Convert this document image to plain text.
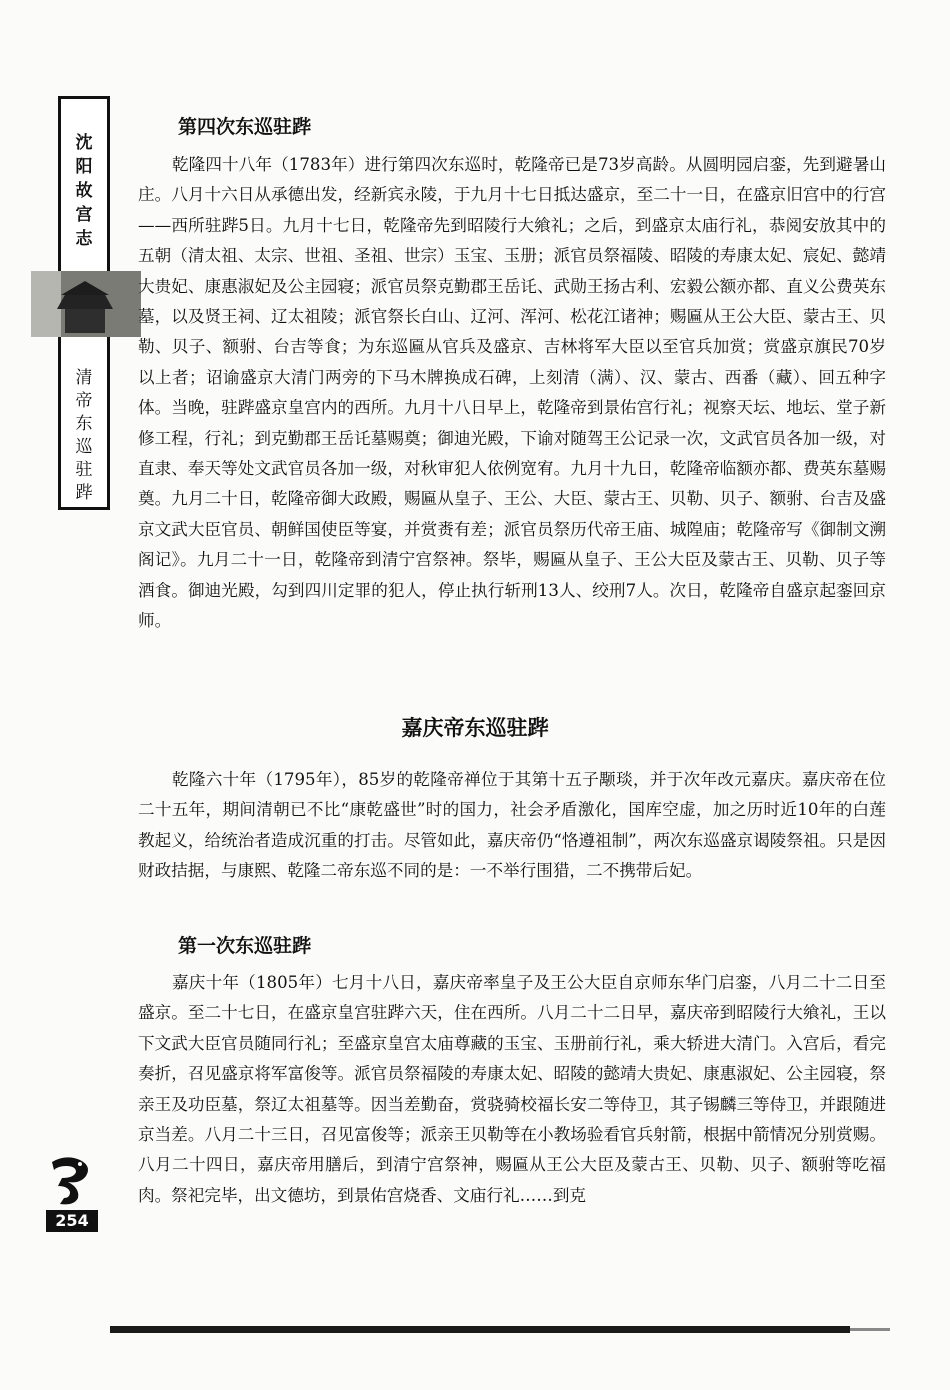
沈
阳
故
宫
志
清
帝
东
巡
驻
跸
第四次东巡驻跸

乾隆四十八年（1783年）进行第四次东巡时，乾隆帝已是73岁高龄。从圆明园启銮，先到避暑山庄。八月十六日从承德出发，经新宾永陵，于九月十七日抵达盛京，至二十一日，在盛京旧宫中的行宫——西所驻跸5日。九月十七日，乾隆帝先到昭陵行大飨礼；之后，到盛京太庙行礼，恭阅安放其中的五朝（清太祖、太宗、世祖、圣祖、世宗）玉宝、玉册；派官员祭福陵、昭陵的寿康太妃、宸妃、懿靖大贵妃、康惠淑妃及公主园寝；派官员祭克勤郡王岳讬、武勋王扬古利、宏毅公额亦都、直义公费英东墓，以及贤王祠、辽太祖陵；派官祭长白山、辽河、浑河、松花江诸神；赐匾从王公大臣、蒙古王、贝勒、贝子、额驸、台吉等食；为东巡匾从官兵及盛京、吉林将军大臣以至官兵加赏；赏盛京旗民70岁以上者；诏谕盛京大清门两旁的下马木牌换成石碑，上刻清（满）、汉、蒙古、西番（藏）、回五种字体。当晚，驻跸盛京皇宫内的西所。九月十八日早上，乾隆帝到景佑宫行礼；视察天坛、地坛、堂子新修工程，行礼；到克勤郡王岳讬墓赐奠；御迪光殿，下谕对随驾王公记录一次，文武官员各加一级，对直隶、奉天等处文武官员各加一级，对秋审犯人依例宽宥。九月十九日，乾隆帝临额亦都、费英东墓赐奠。九月二十日，乾隆帝御大政殿，赐匾从皇子、王公、大臣、蒙古王、贝勒、贝子、额驸、台吉及盛京文武大臣官员、朝鲜国使臣等宴，并赏赉有差；派官员祭历代帝王庙、城隍庙；乾隆帝写《御制文溯阁记》。九月二十一日，乾隆帝到清宁宫祭神。祭毕，赐匾从皇子、王公大臣及蒙古王、贝勒、贝子等酒食。御迪光殿，勾到四川定罪的犯人，停止执行斩刑13人、绞刑7人。次日，乾隆帝自盛京起銮回京师。

嘉庆帝东巡驻跸

乾隆六十年（1795年），85岁的乾隆帝禅位于其第十五子颙琰，并于次年改元嘉庆。嘉庆帝在位二十五年，期间清朝已不比“康乾盛世”时的国力，社会矛盾激化，国库空虚，加之历时近10年的白莲教起义，给统治者造成沉重的打击。尽管如此，嘉庆帝仍“恪遵祖制”，两次东巡盛京谒陵祭祖。只是因财政拮据，与康熙、乾隆二帝东巡不同的是：一不举行围猎，二不携带后妃。

第一次东巡驻跸

嘉庆十年（1805年）七月十八日，嘉庆帝率皇子及王公大臣自京师东华门启銮，八月二十二日至盛京。至二十七日，在盛京皇宫驻跸六天，住在西所。八月二十二日早，嘉庆帝到昭陵行大飨礼，王以下文武大臣官员随同行礼；至盛京皇宫太庙尊藏的玉宝、玉册前行礼，乘大轿进大清门。入宫后，看完奏折，召见盛京将军富俊等。派官员祭福陵的寿康太妃、昭陵的懿靖大贵妃、康惠淑妃、公主园寝，祭亲王及功臣墓，祭辽太祖墓等。因当差勤奋，赏骁骑校福长安二等侍卫，其子锡麟三等侍卫，并跟随进京当差。八月二十三日，召见富俊等；派亲王贝勒等在小教场验看官兵射箭，根据中箭情况分别赏赐。八月二十四日，嘉庆帝用膳后，到清宁宫祭神，赐匾从王公大臣及蒙古王、贝勒、贝子、额驸等吃福肉。祭祀完毕，出文德坊，到景佑宫烧香、文庙行礼……到克

254
